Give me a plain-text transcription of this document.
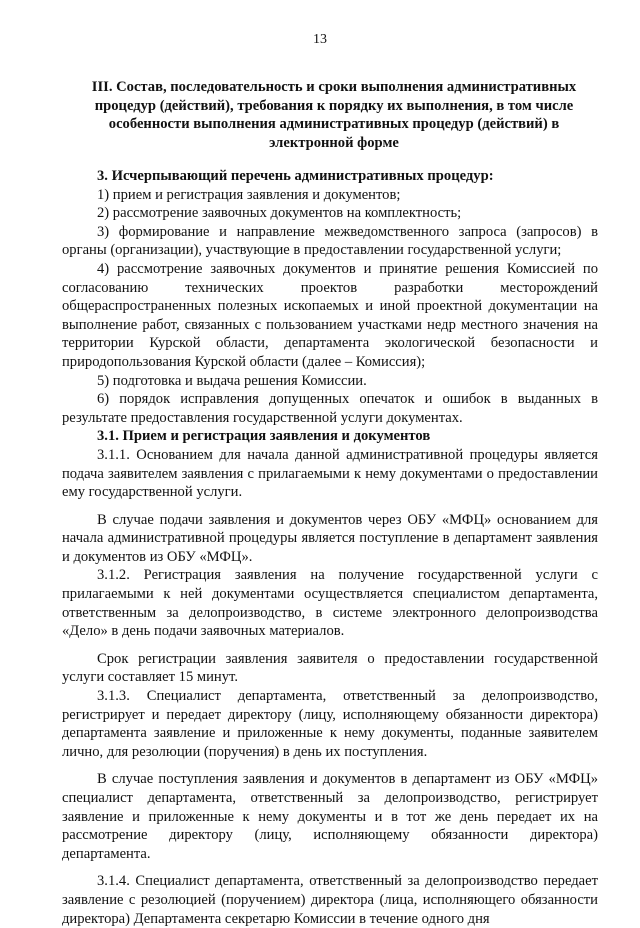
13
III. Состав, последовательность и сроки выполнения административных процедур (действий), требования к порядку их выполнения, в том числе особенности выполнения административных процедур (действий) в электронной форме

3. Исчерпывающий перечень административных процедур:

1) прием и регистрация заявления и документов;

2) рассмотрение заявочных документов на комплектность;

3) формирование и направление межведомственного запроса (запросов) в органы (организации), участвующие в предоставлении государственной услуги;

4) рассмотрение заявочных документов и принятие решения Комиссией по согласованию технических проектов разработки месторождений общераспространенных полезных ископаемых и иной проектной документации на выполнение работ, связанных с пользованием участками недр местного значения на территории Курской области, департамента экологической безопасности и природопользования Курской области (далее – Комиссия);

5) подготовка и выдача решения Комиссии.

6) порядок исправления допущенных опечаток и ошибок в выданных в результате предоставления государственной услуги документах.

3.1. Прием и регистрация заявления и документов

3.1.1. Основанием для начала данной административной процедуры является подача заявителем заявления с прилагаемыми к нему документами о предоставлении ему государственной услуги.

В случае подачи заявления и документов через ОБУ «МФЦ» основанием для начала административной процедуры является поступление в департамент заявления и документов из ОБУ «МФЦ».

3.1.2. Регистрация заявления на получение государственной услуги с прилагаемыми к ней документами осуществляется специалистом департамента, ответственным за делопроизводство, в системе электронного делопроизводства «Дело» в день подачи заявочных материалов.

Срок регистрации заявления заявителя о предоставлении государственной услуги составляет 15 минут.

3.1.3. Специалист департамента, ответственный за делопроизводство, регистрирует и передает директору (лицу, исполняющему обязанности директора) департамента заявление и приложенные к нему документы, поданные заявителем лично, для резолюции (поручения) в день их поступления.

В случае поступления заявления и документов в департамент из ОБУ «МФЦ» специалист департамента, ответственный за делопроизводство, регистрирует заявление и приложенные к нему документы и в тот же день передает их на рассмотрение директору (лицу, исполняющему обязанности директора) департамента.

3.1.4. Специалист департамента, ответственный за делопроизводство передает заявление с резолюцией (поручением) директора (лица, исполняющего обязанности директора) Департамента секретарю Комиссии в течение одного дня
